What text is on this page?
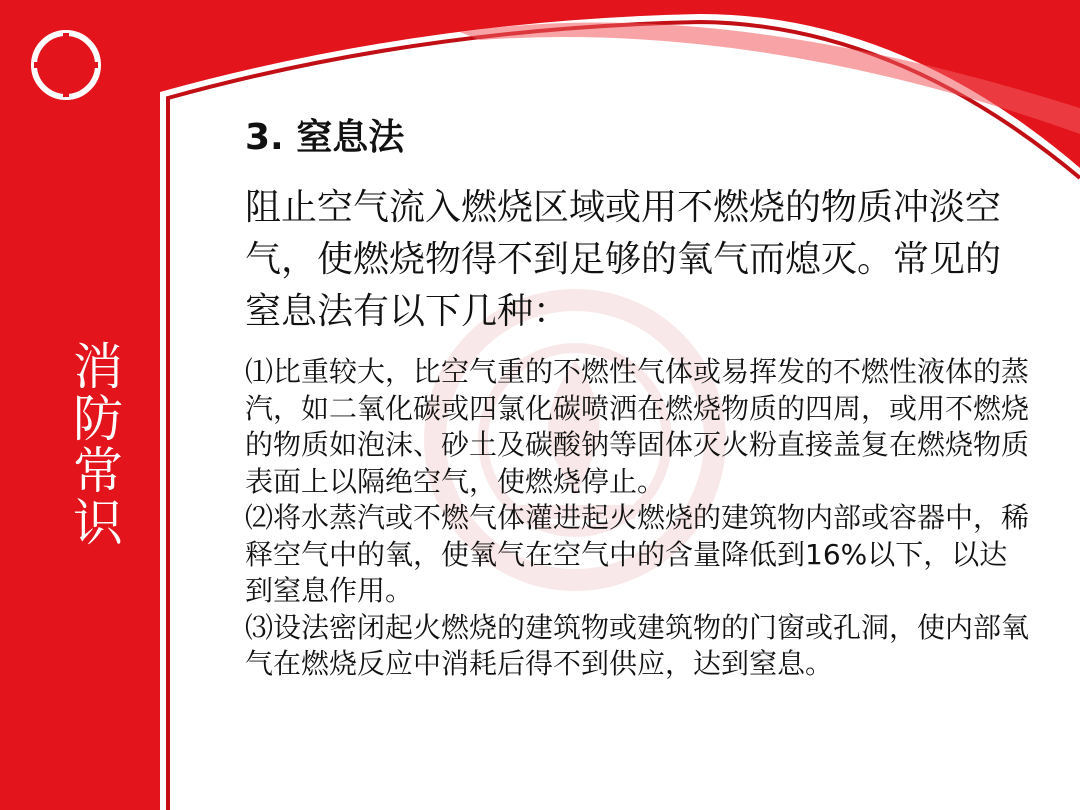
消防常识
3. 窒息法

阻止空气流入燃烧区域或用不燃烧的物质冲淡空气，使燃烧物得不到足够的氧气而熄灭。常见的窒息法有以下几种：

⑴比重较大，比空气重的不燃性气体或易挥发的不燃性液体的蒸汽，如二氧化碳或四氯化碳喷洒在燃烧物质的四周，或用不燃烧的物质如泡沫、砂土及碳酸钠等固体灭火粉直接盖复在燃烧物质表面上以隔绝空气，使燃烧停止。
⑵将水蒸汽或不燃气体灌进起火燃烧的建筑物内部或容器中，稀释空气中的氧，使氧气在空气中的含量降低到16%以下，以达到窒息作用。
⑶设法密闭起火燃烧的建筑物或建筑物的门窗或孔洞，使内部氧气在燃烧反应中消耗后得不到供应，达到窒息。
